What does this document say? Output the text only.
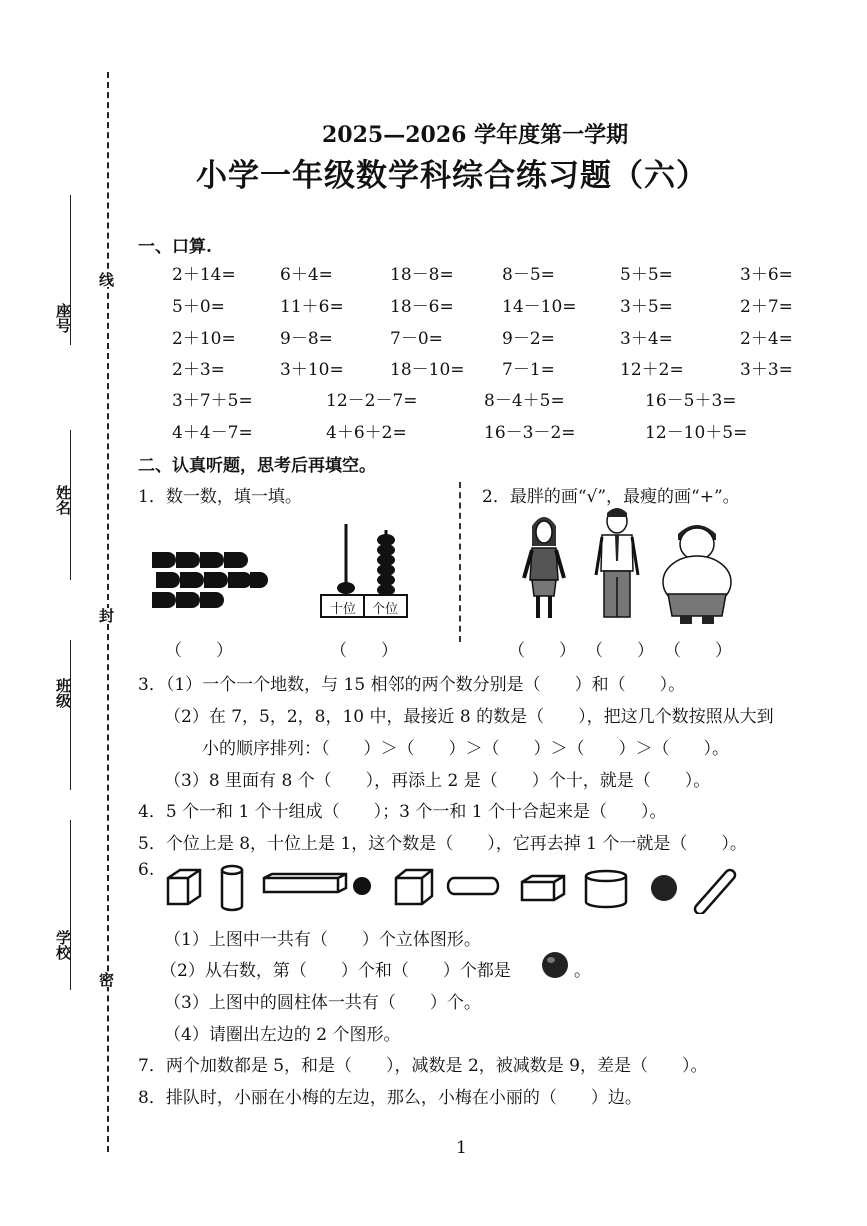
座号
姓名
班级
学校
线
封
密
2025—2026 学年度第一学期
小学一年级数学科综合练习题（六）
一、口算.
2＋14=	6＋4=	18－8=	8－5=	5＋5=	3＋6=
5＋0=	11＋6=	18－6=	14－10=	3＋5=	2＋7=
2＋10=	9－8=	7－0=	9－2=	3＋4=	2＋4=
2＋3=	3＋10=	18－10= 7－1=	12＋2=	3＋3=
3＋7＋5=	12－2－7=	8－4＋5=	16－5＋3=
4＋4－7=	4＋6＋2=	16－3－2=	12－10＋5=
二、认真听题，思考后再填空。
1．数一数，填一填。	2．最胖的画“√”，最瘦的画“+”。
十位 个位
（　　）	（　　）	（　　） （　　） （　　）
3．（1）一个一个地数，与 15 相邻的两个数分别是（　　）和（　　）。
（2）在 7，5，2，8，10 中，最接近 8 的数是（　　），把这几个数按照从大到
小的顺序排列：（　　）＞（　　）＞（　　）＞（　　）＞（　　）。
（3）8 里面有 8 个（　　），再添上 2 是（　　）个十，就是（　　）。
4．5 个一和 1 个十组成（　　）；3 个一和 1 个十合起来是（　　）。
5．个位上是 8，十位上是 1，这个数是（　　），它再去掉 1 个一就是（　　）。
6.
（1）上图中一共有（　　）个立体图形。
（2）从右数，第（　　）个和（　　）个都是	。
（3）上图中的圆柱体一共有（　　）个。
（4）请圈出左边的 2 个图形。
7．两个加数都是 5，和是（　　），减数是 2，被减数是 9，差是（　　）。
8．排队时，小丽在小梅的左边，那么，小梅在小丽的（　　）边。
1
